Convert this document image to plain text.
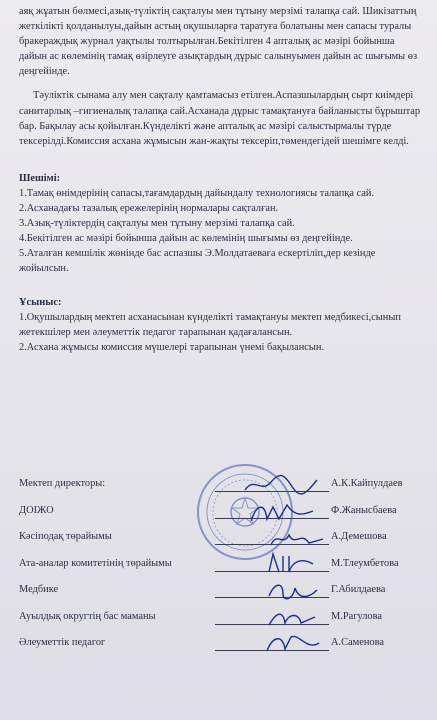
аяқ жұатын бөлмесі,азық-түліктің сақталуы мен тұтыну мерзімі талапқа сай. Шикізаттың жеткілікті қолданылуы,дайын астың оқушыларға таратуға болатыны мен сапасы туралы бракераждық журнал уақтылы толтырылған.Бекітілген 4 апталық ас мәзірі бойынша дайын ас көлемінің тамақ өзірлеуге азықтардың дұрыс салынуымен дайын ас шығымы өз деңгейінде.

Тәуліктік сынама алу мен сақталу қамтамасыз етілген.Аспазшылардың сырт киімдері санитарлық –гигиеналық талапқа сай.Асханада дұрыс тамақтануға байланысты бұрыштар бар. Бақылау асы қойылған.Күнделікті және апталық ас мәзірі салыстырмалы түрде тексерілді.Комиссия асхана жұмысын жан-жақты тексеріп,төмендегідей шешімге келді.

Шешімі:

1.Тамақ өнімдерінің сапасы,тағамдардың дайындалу технологиясы талапқа сай.

2.Асханадағы тазалық ережелерінің нормалары сақталған.

3.Азық-түліктердің сақталуы мен тұтыну мерзімі талапқа сай.

4.Бекітілген ас мәзірі бойынша дайын ас көлемінің шығымы өз деңгейінде.

5.Аталған кемшілік жөнінде бас аспазшы Э.Молдатаевағa ескертіліп,дер кезінде жойылсын.

Ұсыныс:

1.Оқушылардың мектеп асханасынан күнделікті тамақтануы мектеп медбикесі,сынып жетекшілер мен әлеуметтік педагог тарапынан қадағалансын.

2.Асхана жұмысы комиссия мүшелері тарапынан үнемі бақылансын.

Мектеп директоры:	А.К.Кайпулдаев
ДОІЖО	Ф.Жанысбаева
Кәсіподақ төрайымы	А.Демешова
Ата-аналар комитетінің төрайымы	М.Тлеумбетова
Медбике	Г.Абилдаева
Ауылдық округтің бас маманы	М.Рагулова
Әлеуметтік педагог	А.Саменова
